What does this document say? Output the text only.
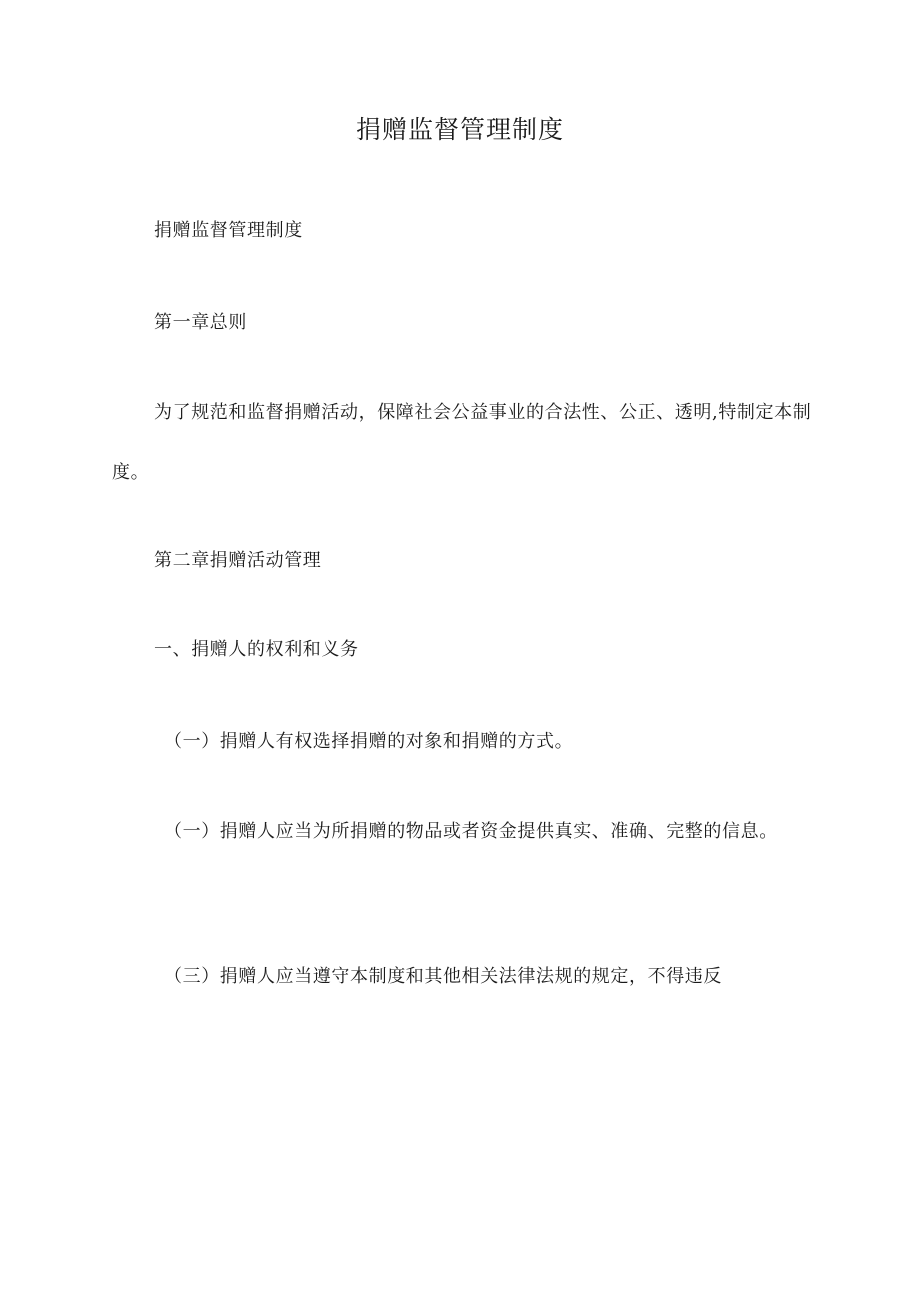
捐赠监督管理制度

捐赠监督管理制度

第一章总则

为了规范和监督捐赠活动，保障社会公益事业的合法性、公正、透明,特制定本制度。

第二章捐赠活动管理

一、捐赠人的权利和义务

（一）捐赠人有权选择捐赠的对象和捐赠的方式。

（一）捐赠人应当为所捐赠的物品或者资金提供真实、准确、完整的信息。

（三）捐赠人应当遵守本制度和其他相关法律法规的规定，不得违反
